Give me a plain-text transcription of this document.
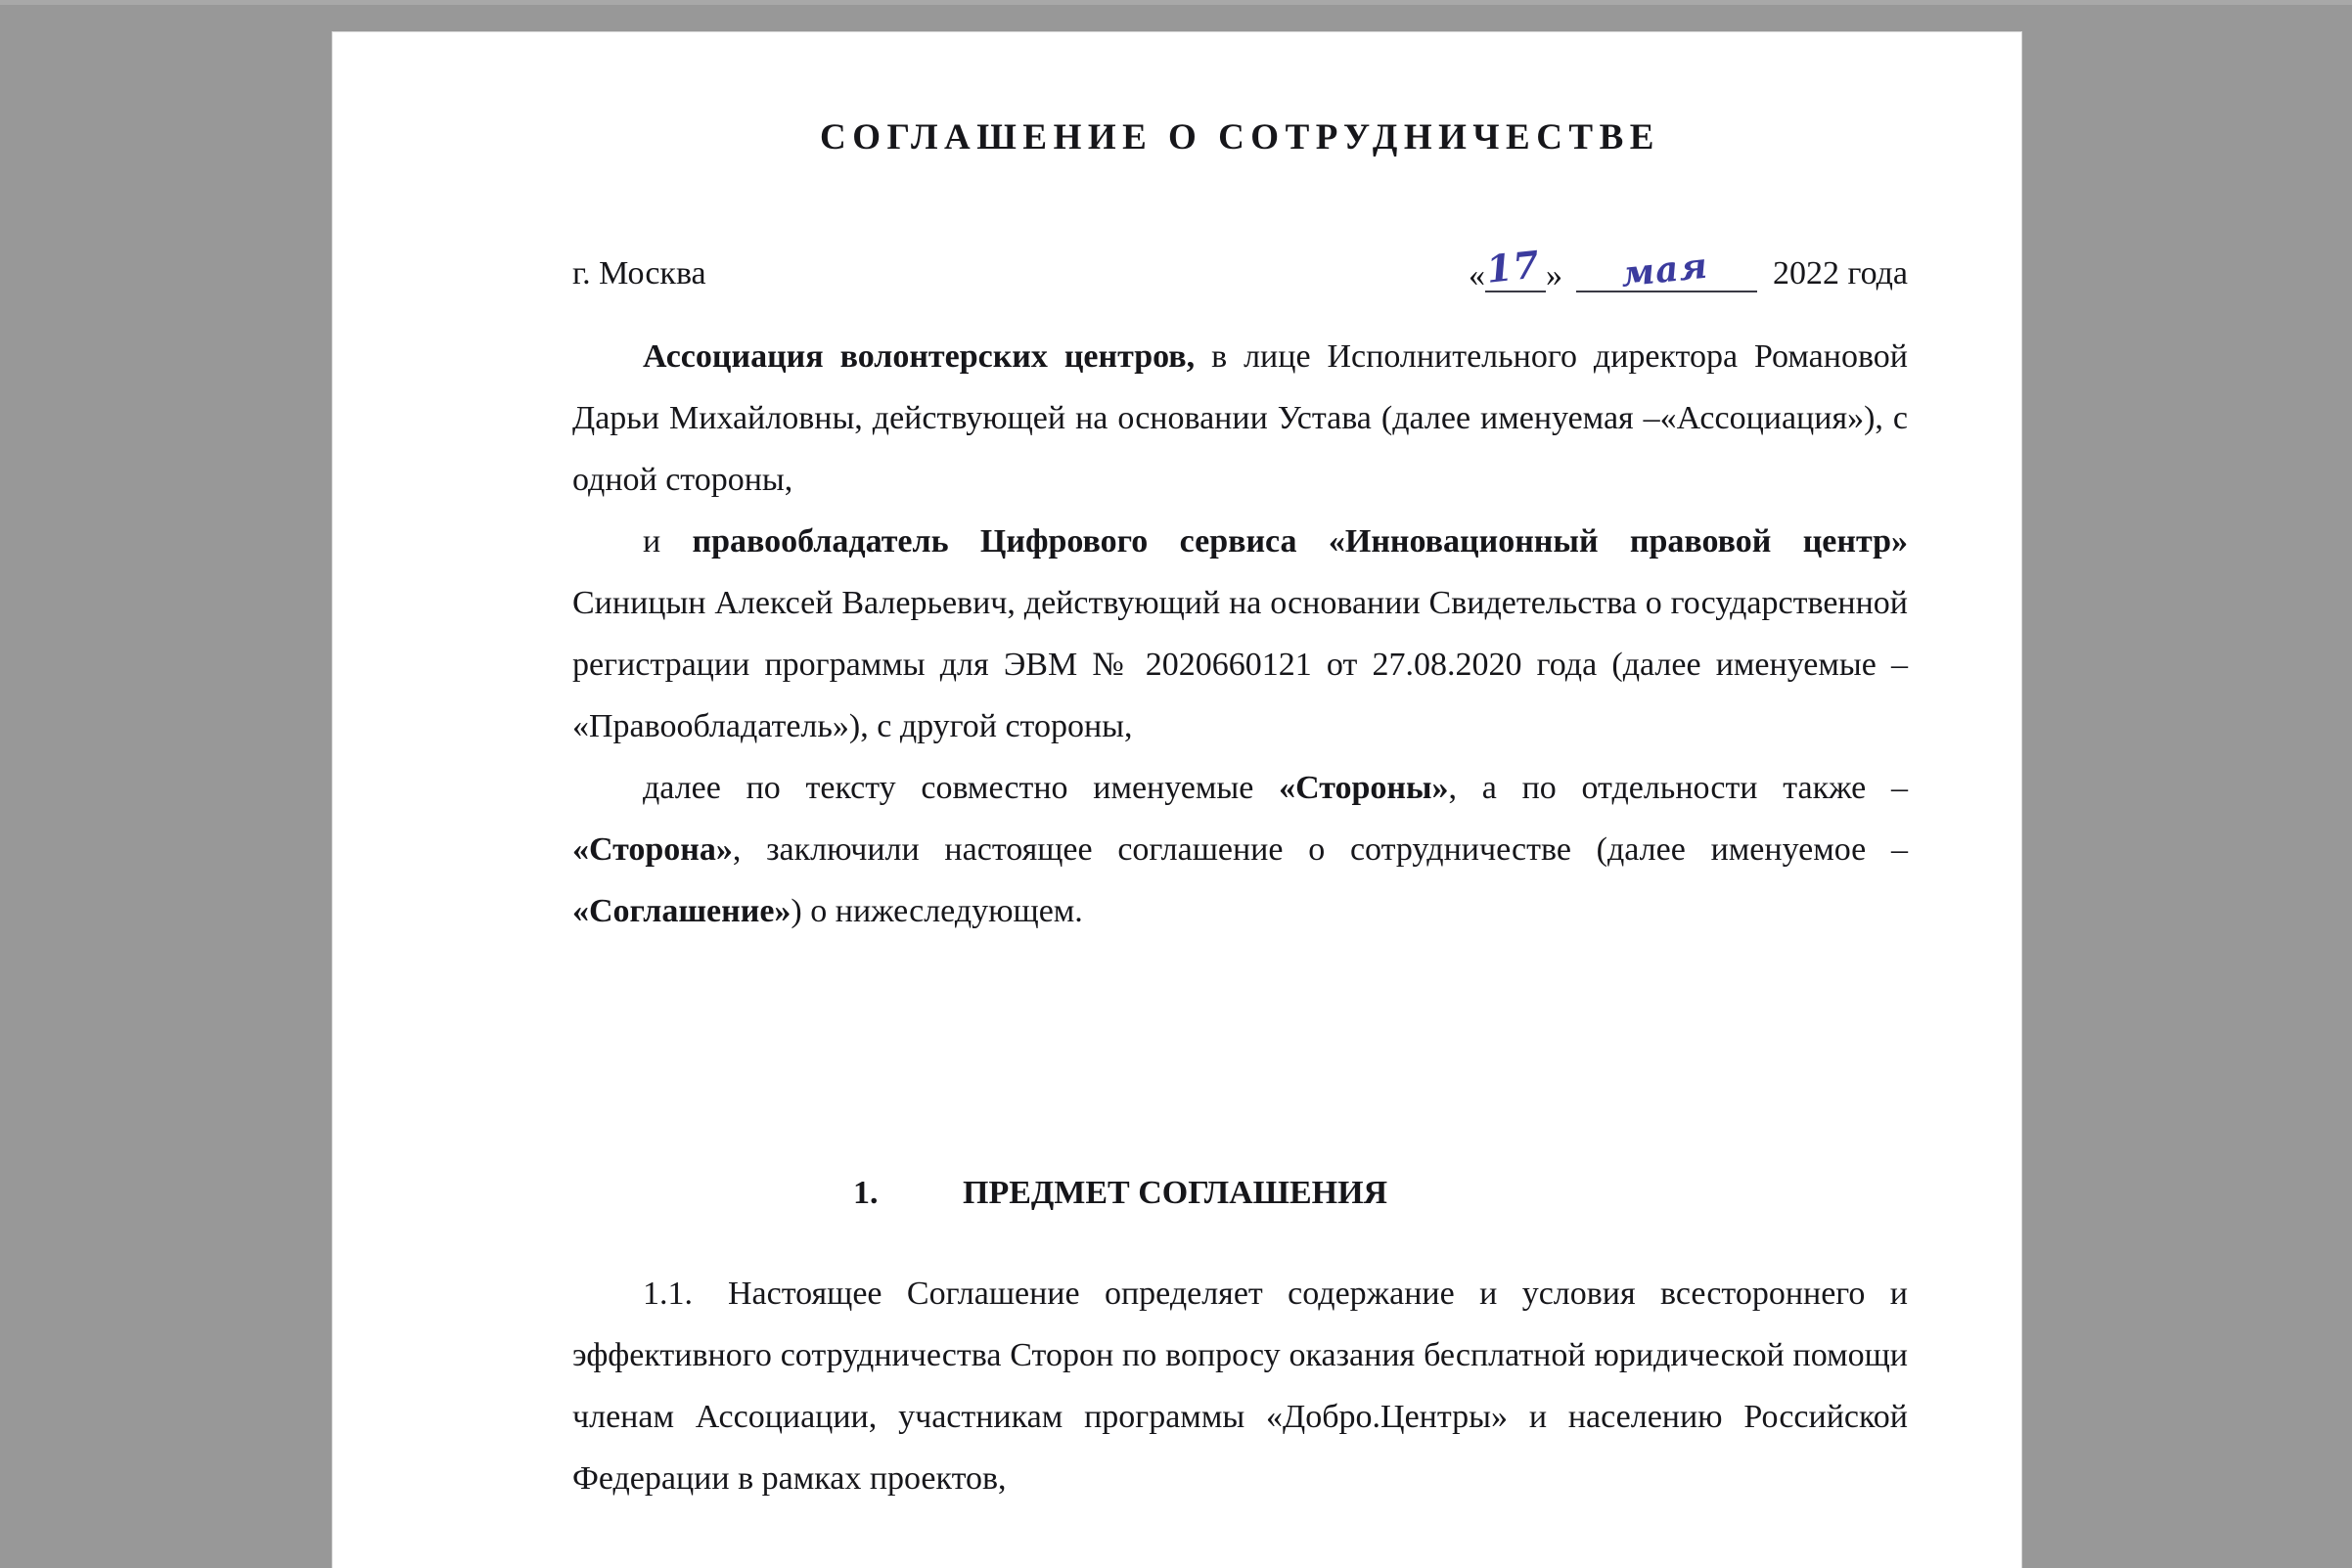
СОГЛАШЕНИЕ О СОТРУДНИЧЕСТВЕ
г. Москва	«
17 »	мая	2022 года

Ассоциация волонтерских центров, в лице Исполнительного директора Романовой Дарьи Михайловны, действующей на основании Устава (далее именуемая –«Ассоциация»), с одной стороны,

и правообладатель Цифрового сервиса «Инновационный правовой центр» Синицын Алексей Валерьевич, действующий на основании Свидетельства о государственной регистрации программы для ЭВМ № 2020660121 от 27.08.2020 года (далее именуемые – «Правообладатель»), с другой стороны,

далее по тексту совместно именуемые «Стороны», а по отдельности также – «Сторона», заключили настоящее соглашение о сотрудничестве (далее именуемое – «Соглашение») о нижеследующем.

1.	ПРЕДМЕТ СОГЛАШЕНИЯ

1.1. Настоящее Соглашение определяет содержание и условия всестороннего и эффективного сотрудничества Сторон по вопросу оказания бесплатной юридической помощи членам Ассоциации, участникам программы «Добро.Центры» и населению Российской Федерации в рамках проектов,
